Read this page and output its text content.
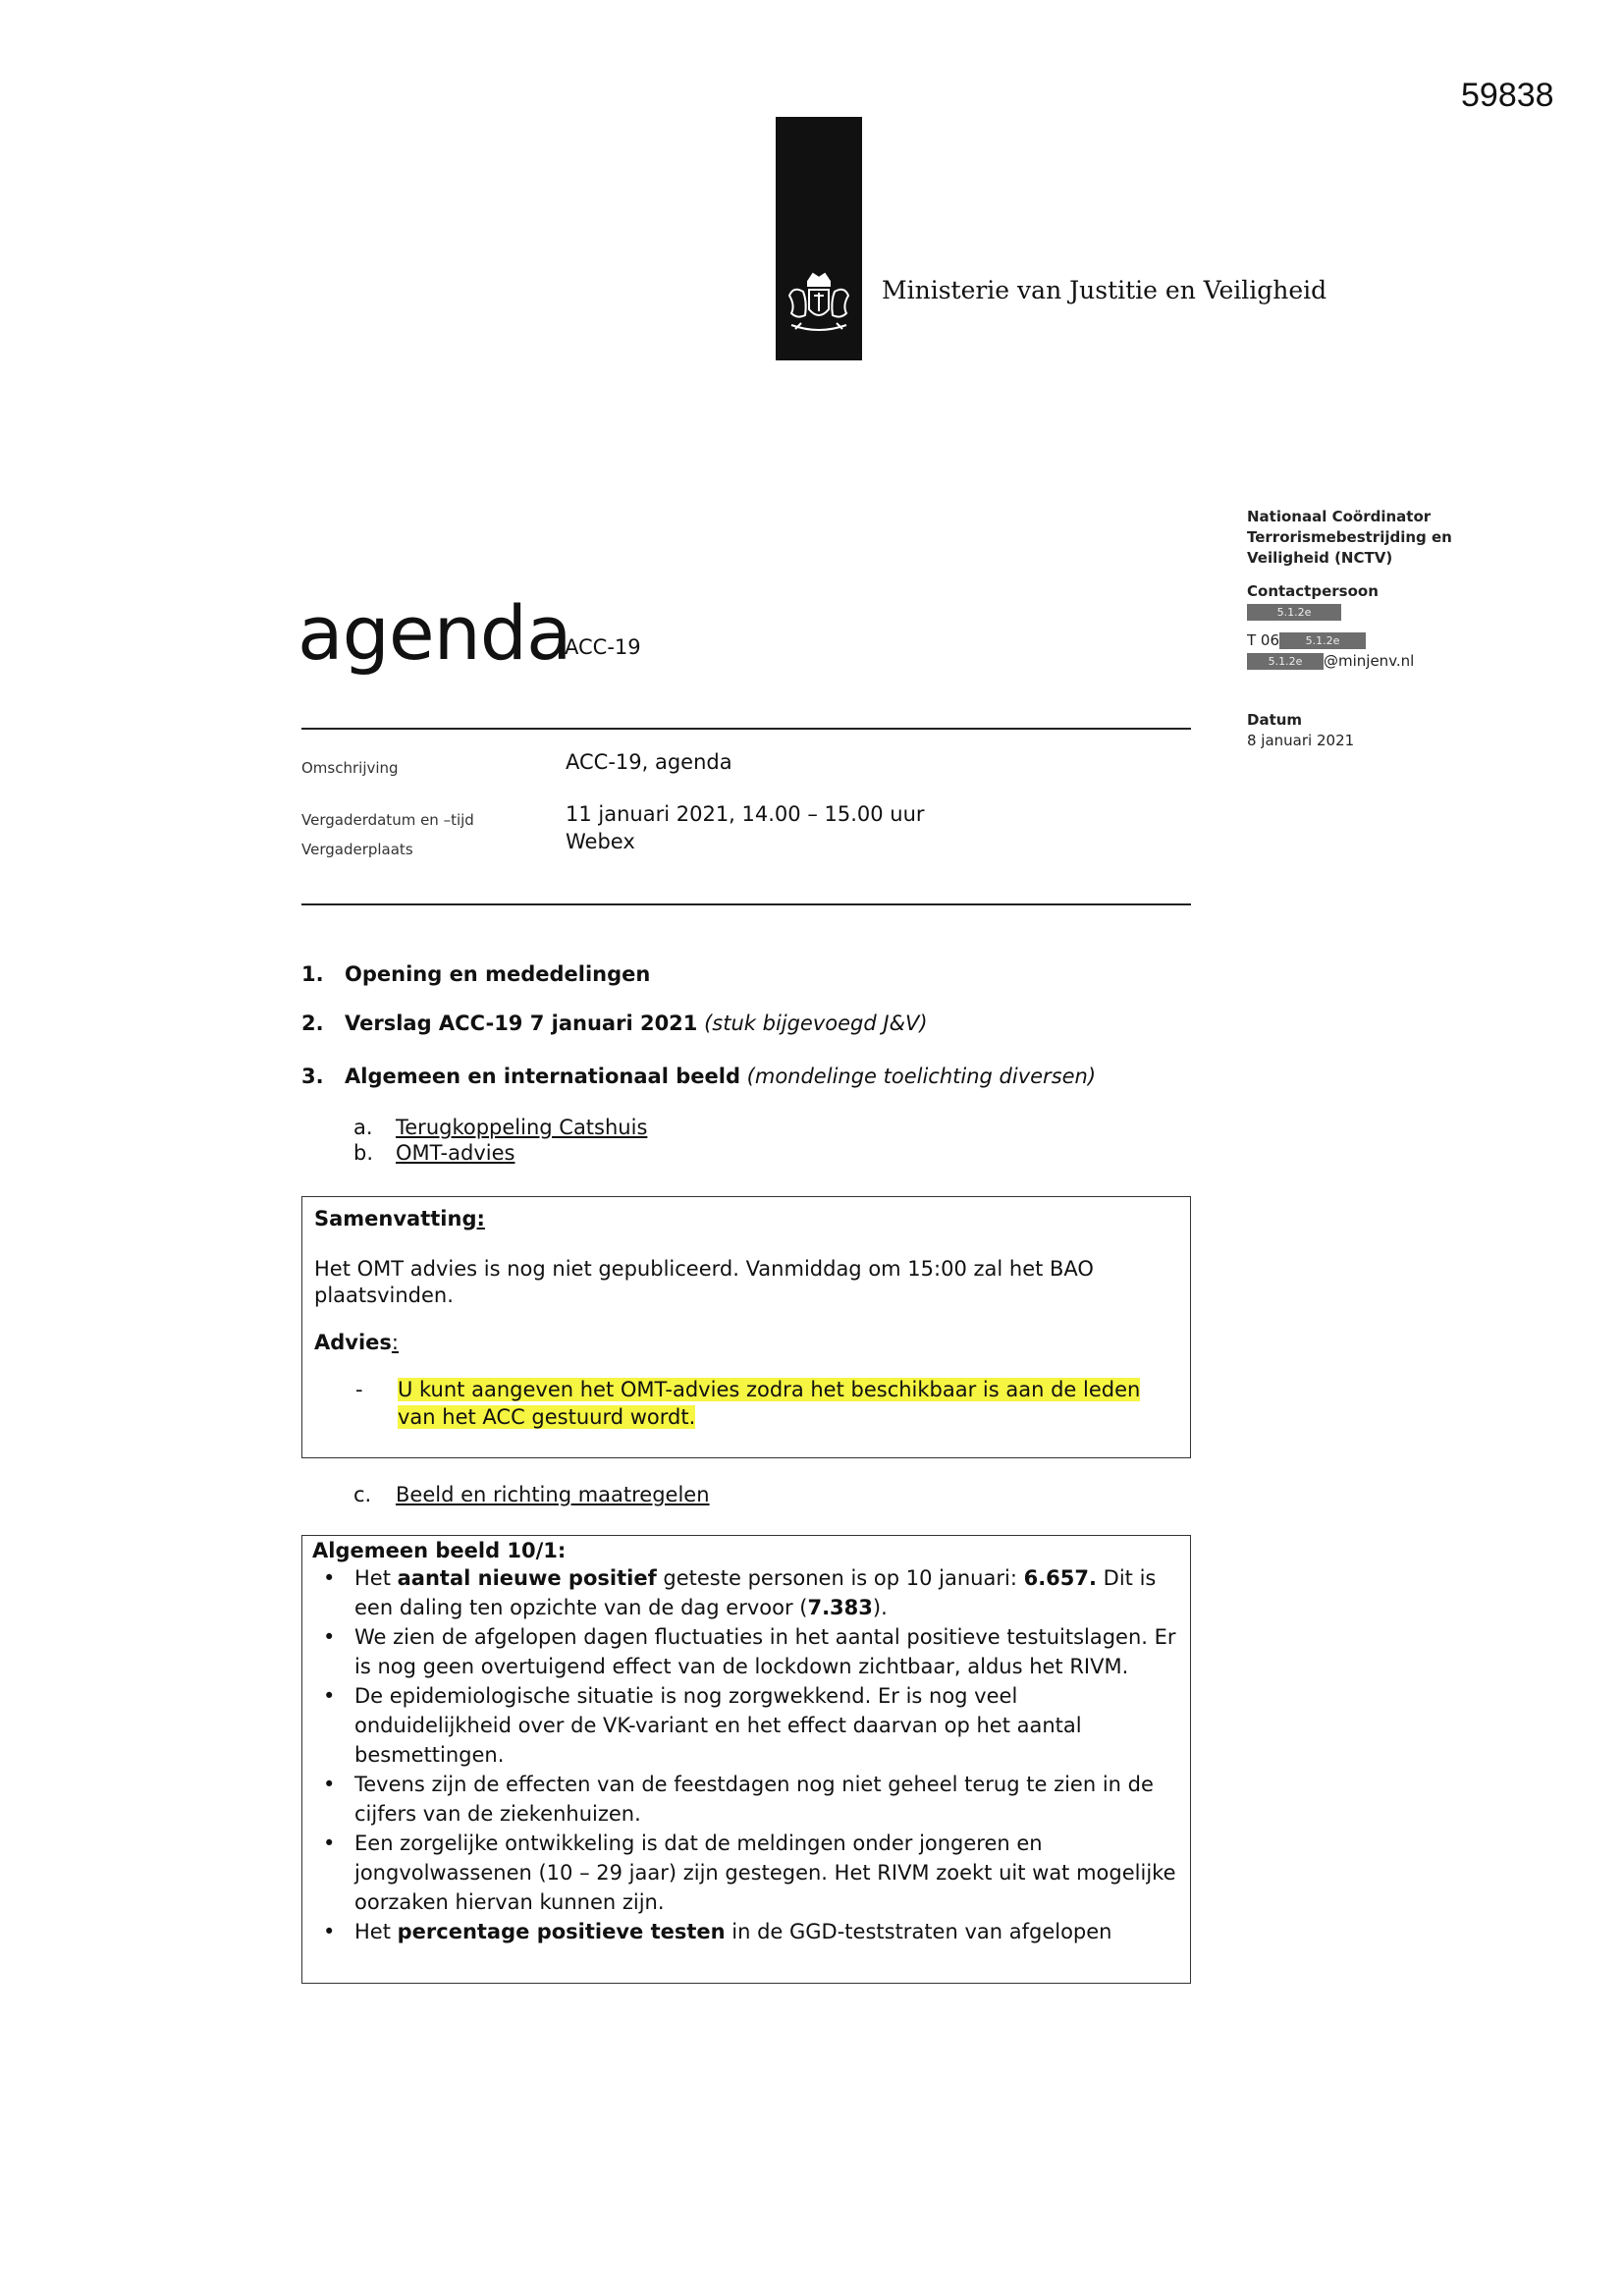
59838
Ministerie van Justitie en Veiligheid
Nationaal Coördinator
Terrorismebestrijding en
Veiligheid (NCTV)
Contactpersoon
5.1.2e
T 06 5.1.2e
5.1.2e @minjenv.nl
Datum
8 januari 2021
agenda
ACC-19
Omschrijving	ACC-19, agenda
Vergaderdatum en –tijd	11 januari 2021, 14.00 – 15.00 uur
Vergaderplaats	Webex
1. Opening en mededelingen
2. Verslag ACC-19 7 januari 2021 (stuk bijgevoegd J&V)
3. Algemeen en internationaal beeld (mondelinge toelichting diversen)
a. Terugkoppeling Catshuis
b. OMT-advies
Samenvatting:
Het OMT advies is nog niet gepubliceerd. Vanmiddag om 15:00 zal het BAO plaatsvinden.
Advies:
- U kunt aangeven het OMT-advies zodra het beschikbaar is aan de leden van het ACC gestuurd wordt.
c. Beeld en richting maatregelen
Algemeen beeld 10/1:
• Het aantal nieuwe positief geteste personen is op 10 januari: 6.657. Dit is een daling ten opzichte van de dag ervoor (7.383).
• We zien de afgelopen dagen fluctuaties in het aantal positieve testuitslagen. Er is nog geen overtuigend effect van de lockdown zichtbaar, aldus het RIVM.
• De epidemiologische situatie is nog zorgwekkend. Er is nog veel onduidelijkheid over de VK-variant en het effect daarvan op het aantal besmettingen.
• Tevens zijn de effecten van de feestdagen nog niet geheel terug te zien in de cijfers van de ziekenhuizen.
• Een zorgelijke ontwikkeling is dat de meldingen onder jongeren en jongvolwassenen (10 – 29 jaar) zijn gestegen. Het RIVM zoekt uit wat mogelijke oorzaken hiervan kunnen zijn.
• Het percentage positieve testen in de GGD-teststraten van afgelopen
